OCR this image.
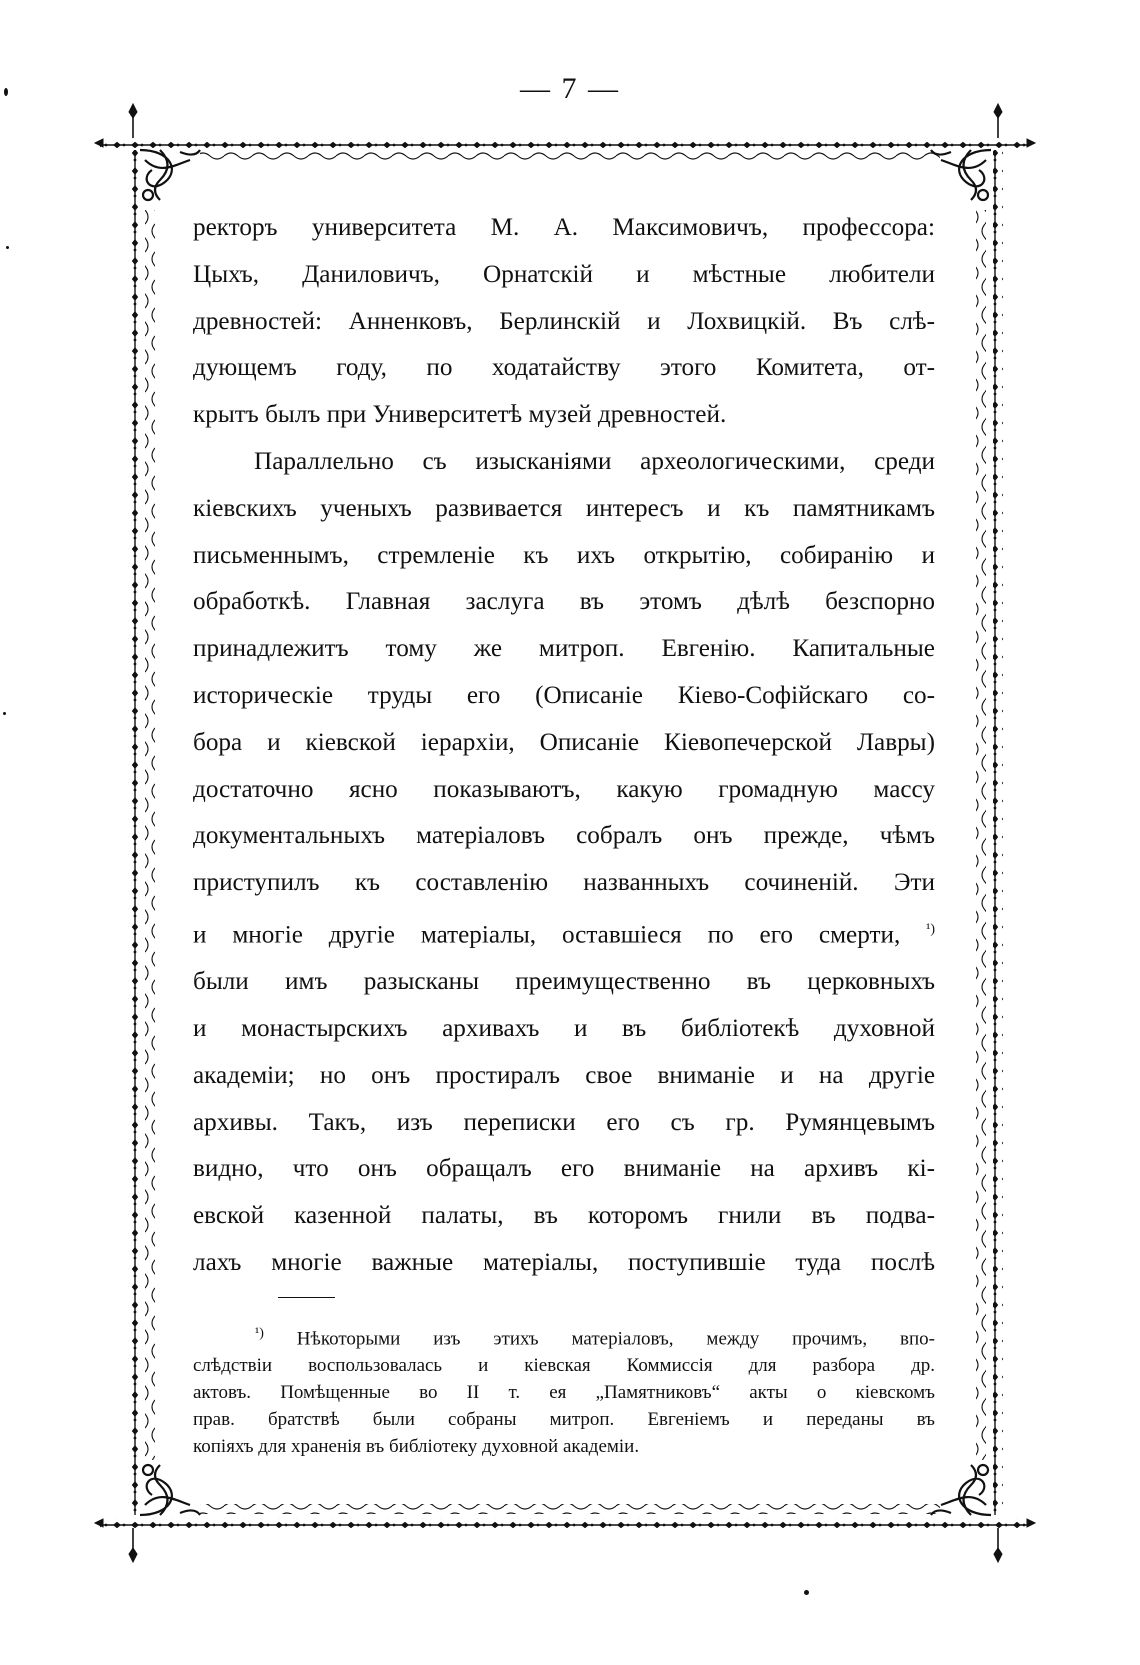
— 7 —

ректоръ университета М. А. Максимовичъ, профессора:
Цыхъ, Даниловичъ, Орнатскій и мѣстные любители
древностей: Анненковъ, Берлинскій и Лохвицкій. Въ слѣ-
дующемъ году, по ходатайству этого Комитета, от-
крытъ былъ при Университетѣ музей древностей.

Параллельно съ изысканіями археологическими, среди
кіевскихъ ученыхъ развивается интересъ и къ памятникамъ
письменнымъ, стремленіе къ ихъ открытію, собиранію и
обработкѣ. Главная заслуга въ этомъ дѣлѣ безспорно
принадлежитъ тому же митроп. Евгенію. Капитальные
историческіе труды его (Описаніе Кіево-Софійскаго со-
бора и кіевской іерархіи, Описаніе Кіевопечерской Лавры)
достаточно ясно показываютъ, какую громадную массу
документальныхъ матеріаловъ собралъ онъ прежде, чѣмъ
приступилъ къ составленію названныхъ сочиненій. Эти
и многіе другіе матеріалы, оставшіеся по его смерти, $^{^1)}$
были имъ разысканы преимущественно въ церковныхъ
и монастырскихъ архивахъ и въ библіотекѣ духовной
академіи; но онъ простиралъ свое вниманіе и на другіе
архивы. Такъ, изъ переписки его съ гр. Румянцевымъ
видно, что онъ обращалъ его вниманіе на архивъ кі-
евской казенной палаты, въ которомъ гнили въ подва-
лахъ многіе важные матеріалы, поступившіе туда послѣ

$^{^1)}$ Нѣкоторыми изъ этихъ матеріаловъ, между прочимъ, впо-
слѣдствіи воспользовалась и кіевская Коммиссія для разбора др.
актовъ. Помѣщенные во II т. ея „Памятниковъ“ акты о кіевскомъ
прав. братствѣ были собраны митроп. Евгеніемъ и переданы въ
копіяхъ для храненія въ библіотеку духовной академіи.
